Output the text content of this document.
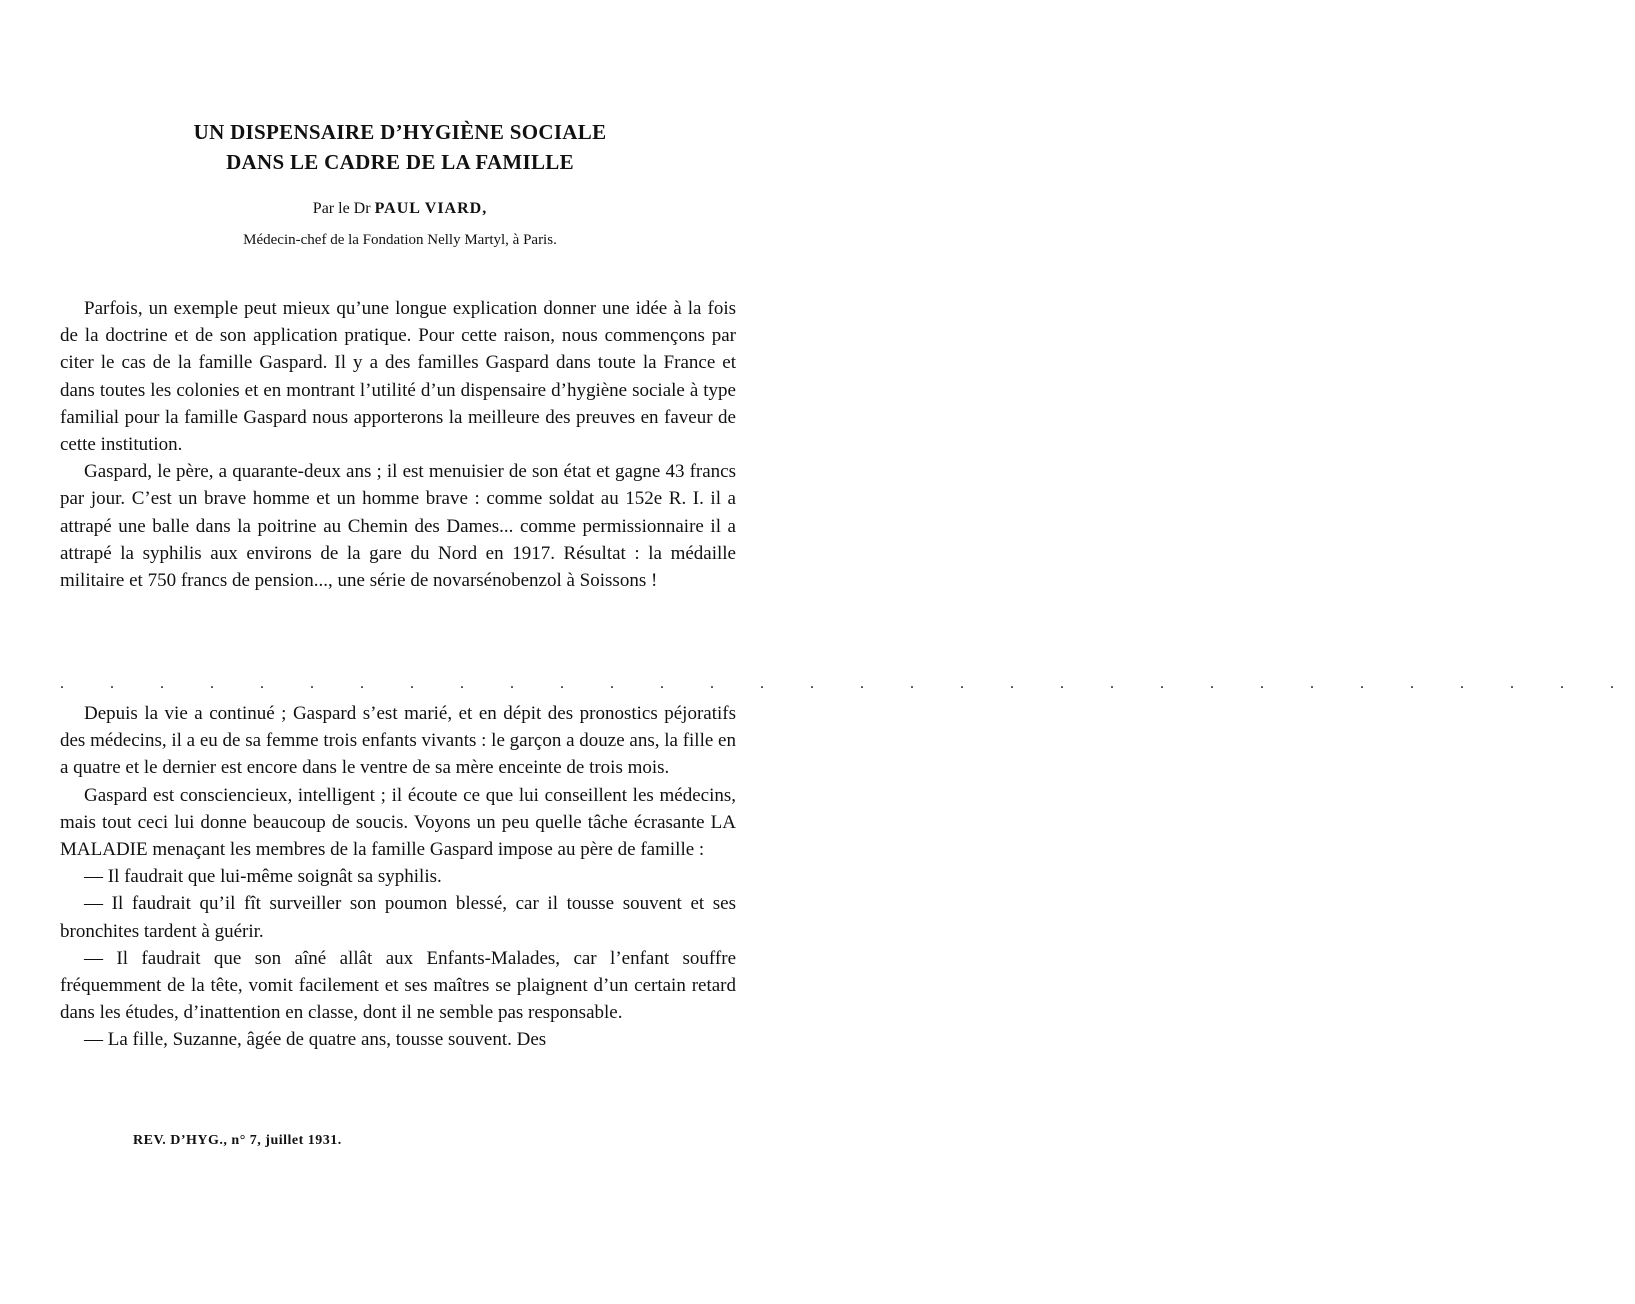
UN DISPENSAIRE D’HYGIÈNE SOCIALE
DANS LE CADRE DE LA FAMILLE
Par le Dr PAUL VIARD,
Médecin-chef de la Fondation Nelly Martyl, à Paris.

Parfois, un exemple peut mieux qu’une longue explication donner une idée à la fois de la doctrine et de son application pratique. Pour cette raison, nous commençons par citer le cas de la famille Gaspard. Il y a des familles Gaspard dans toute la France et dans toutes les colonies et en montrant l’utilité d’un dispensaire d’hygiène sociale à type familial pour la famille Gaspard nous apporterons la meilleure des preuves en faveur de cette institution.

Gaspard, le père, a quarante-deux ans ; il est menuisier de son état et gagne 43 francs par jour. C’est un brave homme et un homme brave : comme soldat au 152e R. I. il a attrapé une balle dans la poitrine au Chemin des Dames... comme permissionnaire il a attrapé la syphilis aux environs de la gare du Nord en 1917. Résultat : la médaille militaire et 750 francs de pension..., une série de novarsénobenzol à Soissons !

. . . . . . . . . . . . . . . . . . . . . . . . . . . . . . . .

Depuis la vie a continué ; Gaspard s’est marié, et en dépit des pronostics péjoratifs des médecins, il a eu de sa femme trois enfants vivants : le garçon a douze ans, la fille en a quatre et le dernier est encore dans le ventre de sa mère enceinte de trois mois.

Gaspard est consciencieux, intelligent ; il écoute ce que lui conseillent les médecins, mais tout ceci lui donne beaucoup de soucis. Voyons un peu quelle tâche écrasante LA MALADIE menaçant les membres de la famille Gaspard impose au père de famille :

— Il faudrait que lui-même soignât sa syphilis.

— Il faudrait qu’il fît surveiller son poumon blessé, car il tousse souvent et ses bronchites tardent à guérir.

— Il faudrait que son aîné allât aux Enfants-Malades, car l’enfant souffre fréquemment de la tête, vomit facilement et ses maîtres se plaignent d’un certain retard dans les études, d’inattention en classe, dont il ne semble pas responsable.

— La fille, Suzanne, âgée de quatre ans, tousse souvent. Des

REV. D’HYG., n° 7, juillet 1931.
